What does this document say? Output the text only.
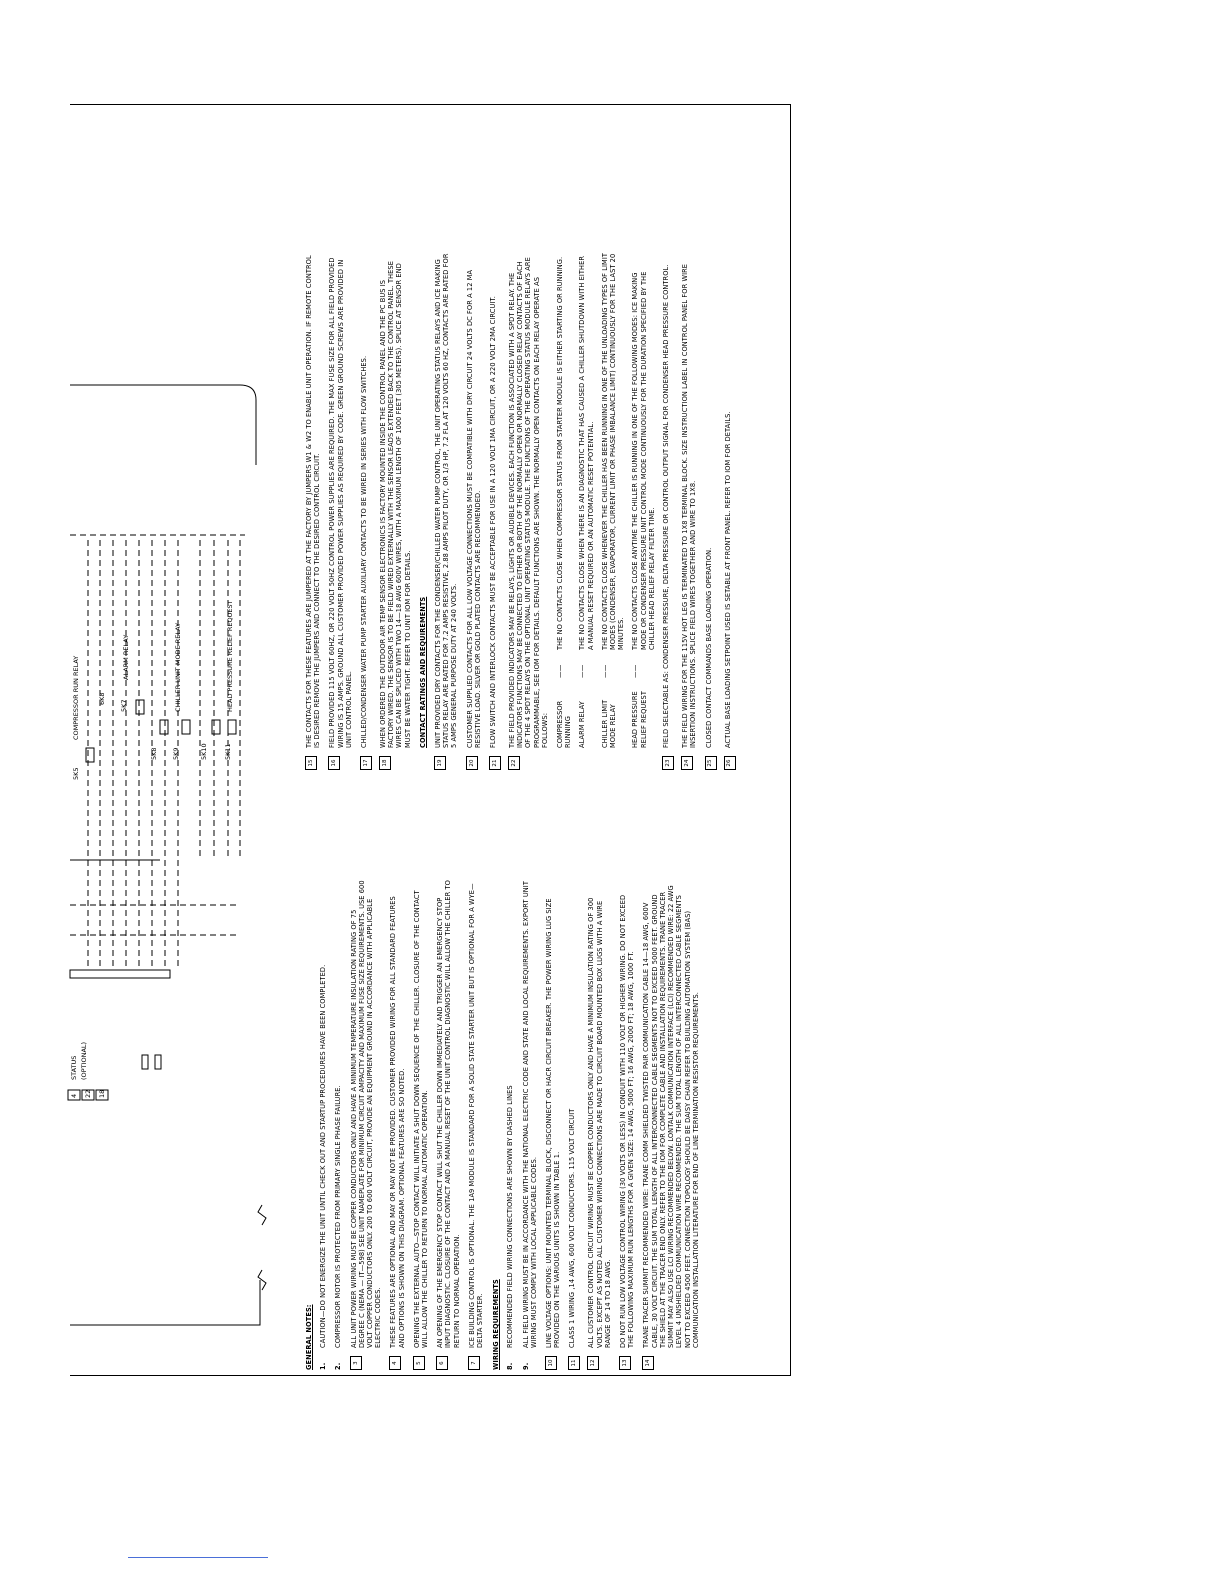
STATUS (OPTIONAL)
4 22 18
5K5
COMPRESSOR RUN RELAY	5K7
ALARM RELAY
5K8 5K9
CHILLER UNIT MODE RELAY
6K8
5K10 5K11
HEAD PRESSURE RELIEF REQUEST
GENERAL NOTES: 1.
CAUTION—DO NOT ENERGIZE THE UNIT UNTIL CHECK OUT AND STARTUP PROCEDURES HAVE BEEN COMPLETED.
2.
COMPRESSOR MOTOR IS PROTECTED FROM PRIMARY SINGLE PHASE FAILURE.
3
ALL UNIT POWER WIRING MUST BE COPPER CONDUCTORS ONLY AND HAVE A MINIMUM TEMPERATURE INSULATION RATING OF 75 DEGREE C (NEMA — IT—598) SEE UNIT NAMEPLATE FOR MINIMUM CIRCUIT AMPACITY AND MAXIMUM FUSE SIZE REQUIREMENTS. USE 600 VOLT COPPER CONDUCTORS ONLY. 200 TO 600 VOLT CIRCUIT, PROVIDE AN EQUIPMENT GROUND IN ACCORDANCE WITH APPLICABLE ELECTRIC CODES.
4
THESE FEATURES ARE OPTIONAL AND MAY OR MAY NOT BE PROVIDED. CUSTOMER PROVIDED WIRING FOR ALL STANDARD FEATURES AND OPTIONS IS SHOWN ON THIS DIAGRAM. OPTIONAL FEATURES ARE SO NOTED.
5
OPENING THE EXTERNAL AUTO—STOP CONTACT WILL INITIATE A SHUT DOWN SEQUENCE OF THE CHILLER. CLOSURE OF THE CONTACT WILL ALLOW THE CHILLER TO RETURN TO NORMAL AUTOMATIC OPERATION.
6
AN OPENING OF THE EMERGENCY STOP CONTACT WILL SHUT THE CHILLER DOWN IMMEDIATELY AND TRIGGER AN EMERGENCY STOP INPUT DIAGNOSTIC. CLOSURE OF THE CONTACT AND A MANUAL RESET OF THE UNIT CONTROL DIAGNOSTIC WILL ALLOW THE CHILLER TO RETURN TO NORMAL OPERATION.
7
ICE BUILDING CONTROL IS OPTIONAL. THE 1A9 MODULE IS STANDARD FOR A SOLID STATE STARTER UNIT BUT IS OPTIONAL FOR A WYE—DELTA STARTER. WIRING REQUIREMENTS 8.
RECOMMENDED FIELD WIRING CONNECTIONS ARE SHOWN BY DASHED LINES
9.
ALL FIELD WIRING MUST BE IN ACCORDANCE WITH THE NATIONAL ELECTRIC CODE AND STATE AND LOCAL REQUIREMENTS. EXPORT UNIT WIRING MUST COMPLY WITH LOCAL APPLICABLE CODES.
10
LINE VOLTAGE OPTIONS: UNIT MOUNTED TERMINAL BLOCK, DISCONNECT OR HACR CIRCUIT BREAKER. THE POWER WIRING LUG SIZE PROVIDED ON THE VARIOUS UNITS IS SHOWN IN TABLE 1.
11
CLASS 1 WIRING ,14 AWG, 600 VOLT CONDUCTORS. 115 VOLT CIRCUIT
12
ALL CUSTOMER CONTROL CIRCUIT WIRING MUST BE COPPER CONDUCTORS ONLY AND HAVE A MINIMUM INSULATION RATING OF 300 VOLTS. EXCEPT AS NOTED ALL CUSTOMER WIRING CONNECTIONS ARE MADE TO CIRCUIT BOARD MOUNTED BOX LUGS WITH A WIRE RANGE OF 14 TO 18 AWG.
13
DO NOT RUN LOW VOLTAGE CONTROL WIRING (30 VOLTS OR LESS) IN CONDUIT WITH 110 VOLT OR HIGHER WIRING. DO NOT EXCEED THE FOLLOWING MAXIMUM RUN LENGTHS FOR A GIVEN SIZE: 14 AWG, 5000 FT; 16 AWG, 2000 FT; 18 AWG, 1000 FT.
14
TRANE TRACER SUMMIT RECOMMENDED WIRE: TRANE COMM SHIELDED TWISTED PAIR COMMUNICATION CABLE 14—18 AWG, 600V CABLE, 30 VOLT CIRCUIT. THE SUM TOTAL LENGTH OF ALL INTERCONNECTED CABLE SEGMENTS NOT TO EXCEED 5000 FEET. GROUND THE SHIELD AT THE TRACER END ONLY. REFER TO THE IOM FOR COMPLETE CABLE AND INSTALLATION REQUIREMENTS. TRANE TRACER SUMMIT MAY ALSO USE LCI WIRING RECOMMENDED BELOW. LONTALK COMMUNICATION INTERFACE (LCI) RECOMMENDED WIRE: 22 AWG LEVEL 4 UNSHIELDED COMMUNICATION WIRE RECOMMENDED. THE SUM TOTAL LENGTH OF ALL INTERCONNECTED CABLE SEGMENTS NOT TO EXCEED 4500 FEET. CONNECTION TOPOLOGY SHOULD BE DAISY CHAIN REFER TO BUILDING AUTOMATION SYSTEM (BAS) COMMUNICATION INSTALLATION LITERATURE FOR END OF LINE TERMINATION RESISTOR REQUIREMENTS.
15
THE CONTACTS FOR THESE FEATURES ARE JUMPERED AT THE FACTORY BY JUMPERS W1 & W2 TO ENABLE UNIT OPERATION. IF REMOTE CONTROL IS DESIRED REMOVE THE JUMPERS AND CONNECT TO THE DESIRED CONTROL CIRCUIT.
16
FIELD PROVIDED 115 VOLT 60HZ, OR 220 VOLT 50HZ CONTROL POWER SUPPLIES ARE REQUIRED. THE MAX FUSE SIZE FOR ALL FIELD PROVIDED WIRING IS 15 AMPS. GROUND ALL CUSTOMER PROVIDED POWER SUPPLIES AS REQUIRED BY CODE. GREEN GROUND SCREWS ARE PROVIDED IN UNIT CONTROL PANEL.
17
CHILLED/CONDENSER WATER PUMP STARTER AUXILIARY CONTACTS TO BE WIRED IN SERIES WITH FLOW SWITCHES.
18
WHEN ORDERED THE OUTDOOR AIR TEMP SENSOR ELECTRONICS IS FACTORY MOUNTED INSIDE THE CONTROL PANEL AND THE PC BUS IS FACTORY WIRED. THE SENSOR IS TO BE FIELD WIRED EXTERNALLY WITH THE SENSOR LEADS EXTENDED BACK TO THE CONTROL PANEL. THESE WIRES CAN BE SPLICED WITH TWO 14—18 AWG 600V WIRES, WITH A MAXIMUM LENGTH OF 1000 FEET (305 METERS). SPLICE AT SENSOR END MUST BE WATER TIGHT. REFER TO UNIT IOM FOR DETAILS. CONTACT RATINGS AND REQUIREMENTS
19
UNIT PROVIDED DRY CONTACTS FOR THE CONDENSER/CHILLED WATER PUMP CONTROL, THE UNIT OPERATING STATUS RELAYS AND ICE MAKING STATUS RELAY ARE RATED FOR 7.2 AMPS RESISTIVE, 2.88 AMPS PILOT DUTY, OR 1/3 HP, 7.2 FLA AT 120 VOLTS 60 HZ, CONTACTS ARE RATED FOR 5 AMPS GENERAL PURPOSE DUTY AT 240 VOLTS.
20
CUSTOMER SUPPLIED CONTACTS FOR ALL LOW VOLTAGE CONNECTIONS MUST BE COMPATIBLE WITH DRY CIRCUIT 24 VOLTS DC FOR A 12 MA RESISTIVE LOAD. SILVER OR GOLD PLATED CONTACTS ARE RECOMMENDED.
21
FLOW SWITCH AND INTERLOCK CONTACTS MUST BE ACCEPTABLE FOR USE IN A 120 VOLT 1MA CIRCUIT, OR A 220 VOLT 2MA CIRCUIT.
22
THE FIELD PROVIDED INDICATORS MAY BE RELAYS, LIGHTS OR AUDIBLE DEVICES. EACH FUNCTION IS ASSOCIATED WITH A SPDT RELAY. THE INDICATORS FUNCTIONS MAY BE CONNECTED TO EITHER OR BOTH OF THE NORMALLY OPEN OR NORMALLY CLOSED RELAY CONTACTS OF EACH OF THE 4 SPDT RELAYS ON THE OPTIONAL UNIT OPERATING STATUS MODULE. THE FUNCTIONS OF THE OPERATING STATUS MODULE RELAYS ARE PROGRAMMABLE, SEE IOM FOR DETAILS. DEFAULT FUNCTIONS ARE SHOWN. THE NORMALLY OPEN CONTACTS ON EACH RELAY OPERATE AS FOLLOWS: COMPRESSOR RUNNING
——
THE NO CONTACTS CLOSE WHEN COMPRESSOR STATUS FROM STARTER MODULE IS EITHER STARTING OR RUNNING.
ALARM RELAY
——
THE NO CONTACTS CLOSE WHEN THERE IS AN DIAGNOSTIC THAT HAS CAUSED A CHILLER SHUTDOWN WITH EITHER A MANUAL RESET REQUIRED OR AN AUTOMATIC RESET POTENTIAL.
CHILLER LIMIT MODE RELAY
——
THE NO CONTACTS CLOSE WHENEVER THE CHILLER HAS BEEN RUNNING IN ONE OF THE UNLOADING TYPES OF LIMIT MODES (CONDENSER, EVAPORATOR, CURRENT LIMIT OR PHASE IMBALANCE LIMIT) CONTINUOUSLY FOR THE LAST 20 MINUTES.
HEAD PRESSURE RELIEF REQUEST
——
THE NO CONTACTS CLOSE ANYTIME THE CHILLER IS RUNNING IN ONE OF THE FOLLOWING MODES: ICE MAKING MODE OR CONDENSER PRESSURE UNIT CONTROL MODE CONTINUOUSLY FOR THE DURATION SPECIFIED BY THE CHILLER HEAD RELIEF RELAY FILTER TIME.
23
FIELD SELECTABLE AS: CONDENSER PRESSURE, DELTA PRESSURE OR CONTROL OUTPUT SIGNAL FOR CONDENSER HEAD PRESSURE CONTROL.
24
THE FIELD WIRING FOR THE 115V HOT LEG IS TERMINATED TO 1X8 TERMINAL BLOCK. SIZE INSTRUCTION LABEL IN CONTROL PANEL FOR WIRE INSERTION INSTRUCTIONS. SPLICE FIELD WIRES TOGETHER AND WIRE TO 1X8.
25
CLOSED CONTACT COMMANDS BASE LOADING OPERATION.
26
ACTUAL BASE LOADING SETPOINT USED IS SETABLE AT FRONT PANEL. REFER TO IOM FOR DETAILS.
